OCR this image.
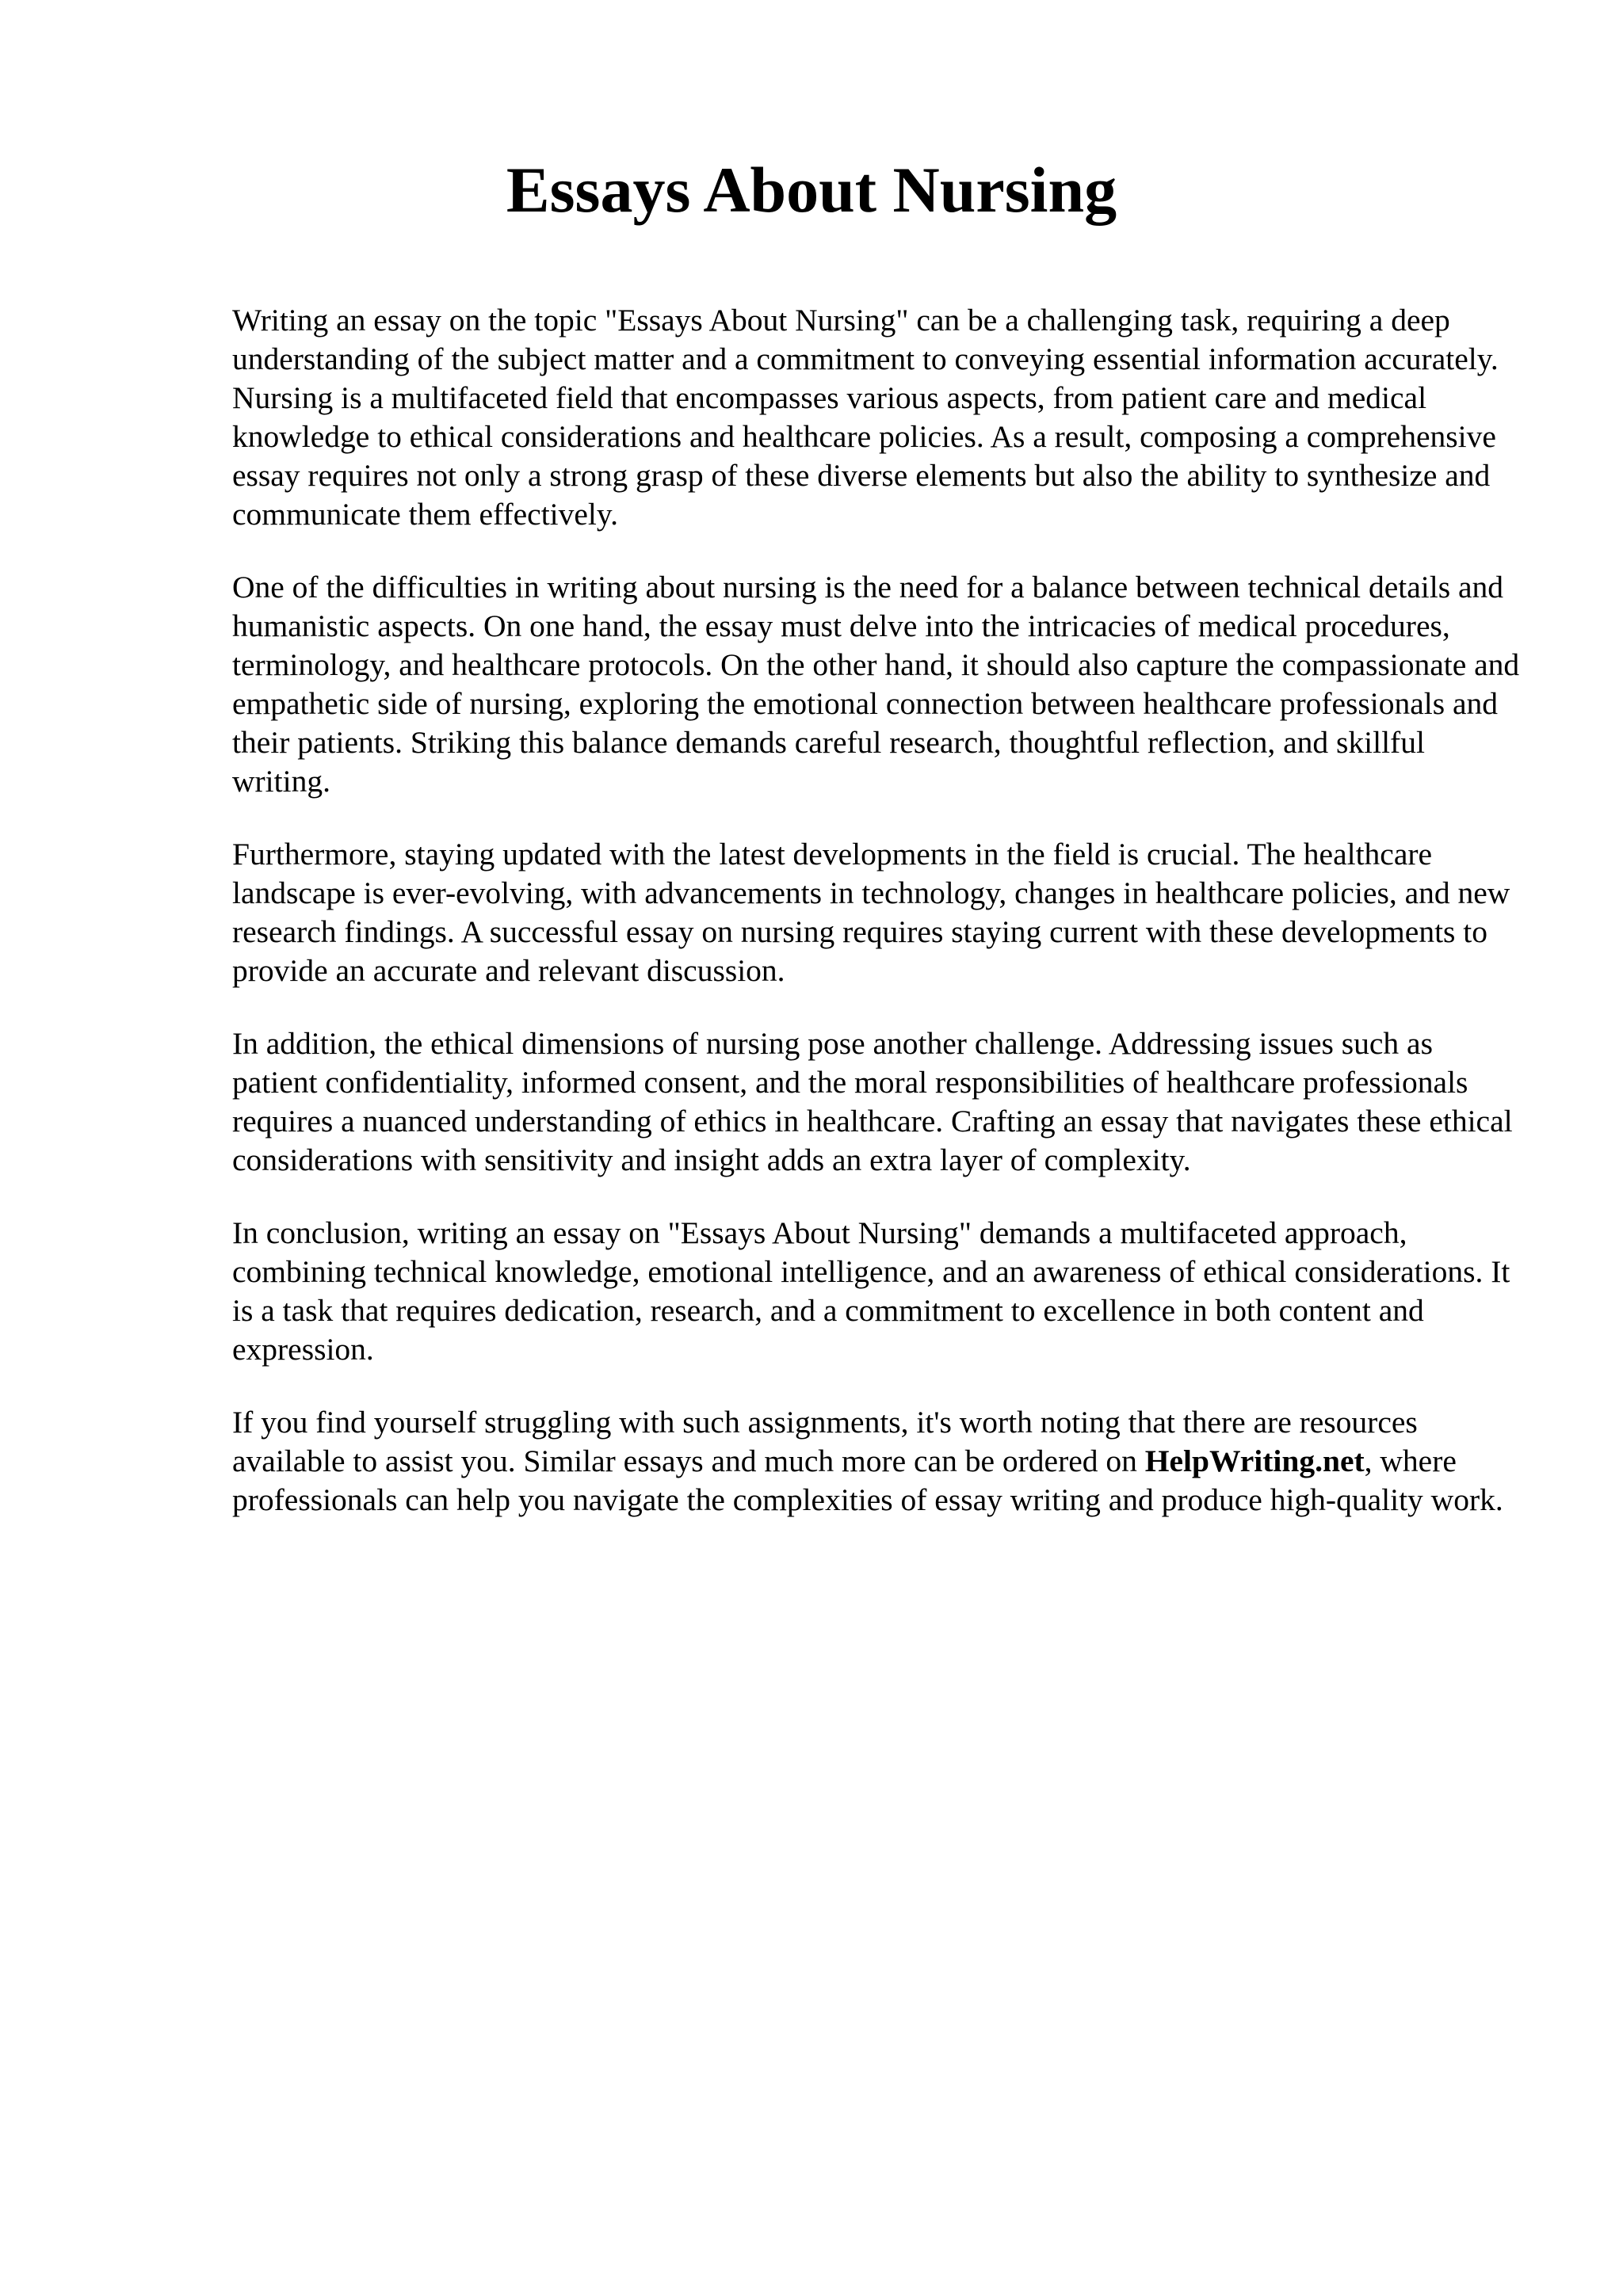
Essays About Nursing

Writing an essay on the topic "Essays About Nursing" can be a challenging task, requiring a deep understanding of the subject matter and a commitment to conveying essential information accurately. Nursing is a multifaceted field that encompasses various aspects, from patient care and medical knowledge to ethical considerations and healthcare policies. As a result, composing a comprehensive essay requires not only a strong grasp of these diverse elements but also the ability to synthesize and communicate them effectively.

One of the difficulties in writing about nursing is the need for a balance between technical details and humanistic aspects. On one hand, the essay must delve into the intricacies of medical procedures, terminology, and healthcare protocols. On the other hand, it should also capture the compassionate and empathetic side of nursing, exploring the emotional connection between healthcare professionals and their patients. Striking this balance demands careful research, thoughtful reflection, and skillful writing.

Furthermore, staying updated with the latest developments in the field is crucial. The healthcare landscape is ever-evolving, with advancements in technology, changes in healthcare policies, and new research findings. A successful essay on nursing requires staying current with these developments to provide an accurate and relevant discussion.

In addition, the ethical dimensions of nursing pose another challenge. Addressing issues such as patient confidentiality, informed consent, and the moral responsibilities of healthcare professionals requires a nuanced understanding of ethics in healthcare. Crafting an essay that navigates these ethical considerations with sensitivity and insight adds an extra layer of complexity.

In conclusion, writing an essay on "Essays About Nursing" demands a multifaceted approach, combining technical knowledge, emotional intelligence, and an awareness of ethical considerations. It is a task that requires dedication, research, and a commitment to excellence in both content and expression.

If you find yourself struggling with such assignments, it's worth noting that there are resources available to assist you. Similar essays and much more can be ordered on HelpWriting.net, where professionals can help you navigate the complexities of essay writing and produce high-quality work.
